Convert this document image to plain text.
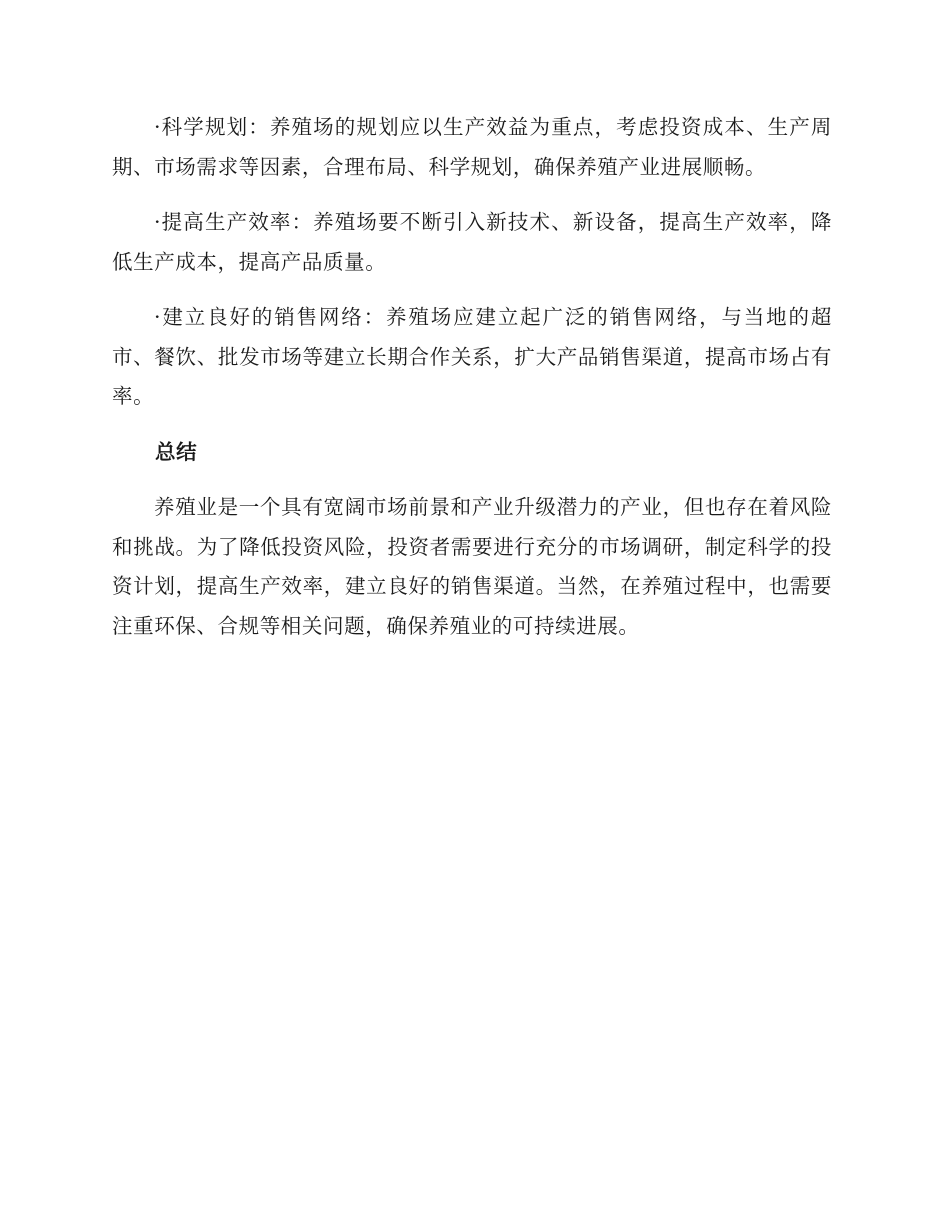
·科学规划：养殖场的规划应以生产效益为重点，考虑投资成本、生产周期、市场需求等因素，合理布局、科学规划，确保养殖产业进展顺畅。

·提高生产效率：养殖场要不断引入新技术、新设备，提高生产效率，降低生产成本，提高产品质量。

·建立良好的销售网络：养殖场应建立起广泛的销售网络，与当地的超市、餐饮、批发市场等建立长期合作关系，扩大产品销售渠道，提高市场占有率。

总结

养殖业是一个具有宽阔市场前景和产业升级潜力的产业，但也存在着风险和挑战。为了降低投资风险，投资者需要进行充分的市场调研，制定科学的投资计划，提高生产效率，建立良好的销售渠道。当然，在养殖过程中，也需要注重环保、合规等相关问题，确保养殖业的可持续进展。
